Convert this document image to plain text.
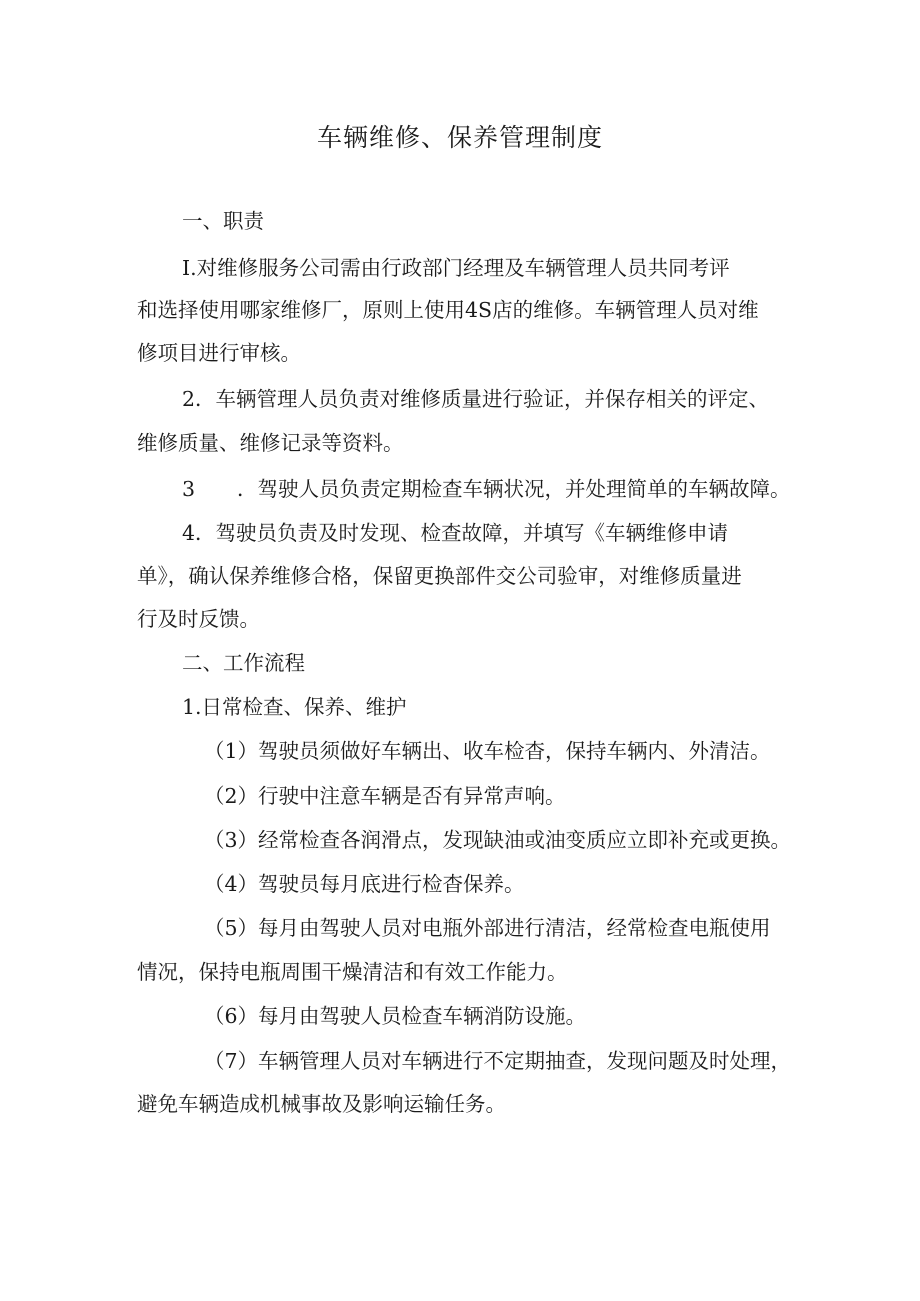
车辆维修、保养管理制度
一、职责
I.对维修服务公司需由行政部门经理及车辆管理人员共同考评
和选择使用哪家维修厂，原则上使用4S店的维修。车辆管理人员对维
修项目进行审核。
2．车辆管理人员负责对维修质量进行验证，并保存相关的评定、
维修质量、维修记录等资料。
3 ．驾驶人员负责定期检查车辆状况，并处理简单的车辆故障。
4．驾驶员负责及时发现、检查故障，并填写《车辆维修申请
单》，确认保养维修合格，保留更换部件交公司验审，对维修质量进
行及时反馈。
二、工作流程
1.日常检查、保养、维护
（1）驾驶员须做好车辆出、收车检杳，保持车辆内、外清洁。
（2）行驶中注意车辆是否有异常声响。
（3）经常检查各润滑点，发现缺油或油变质应立即补充或更换。
（4）驾驶员每月底进行检杳保养。
（5）每月由驾驶人员对电瓶外部进行清洁，经常检查电瓶使用
情况，保持电瓶周围干燥清洁和有效工作能力。
（6）每月由驾驶人员检查车辆消防设施。
（7）车辆管理人员对车辆进行不定期抽查，发现问题及时处理，
避免车辆造成机械事故及影响运输任务。
